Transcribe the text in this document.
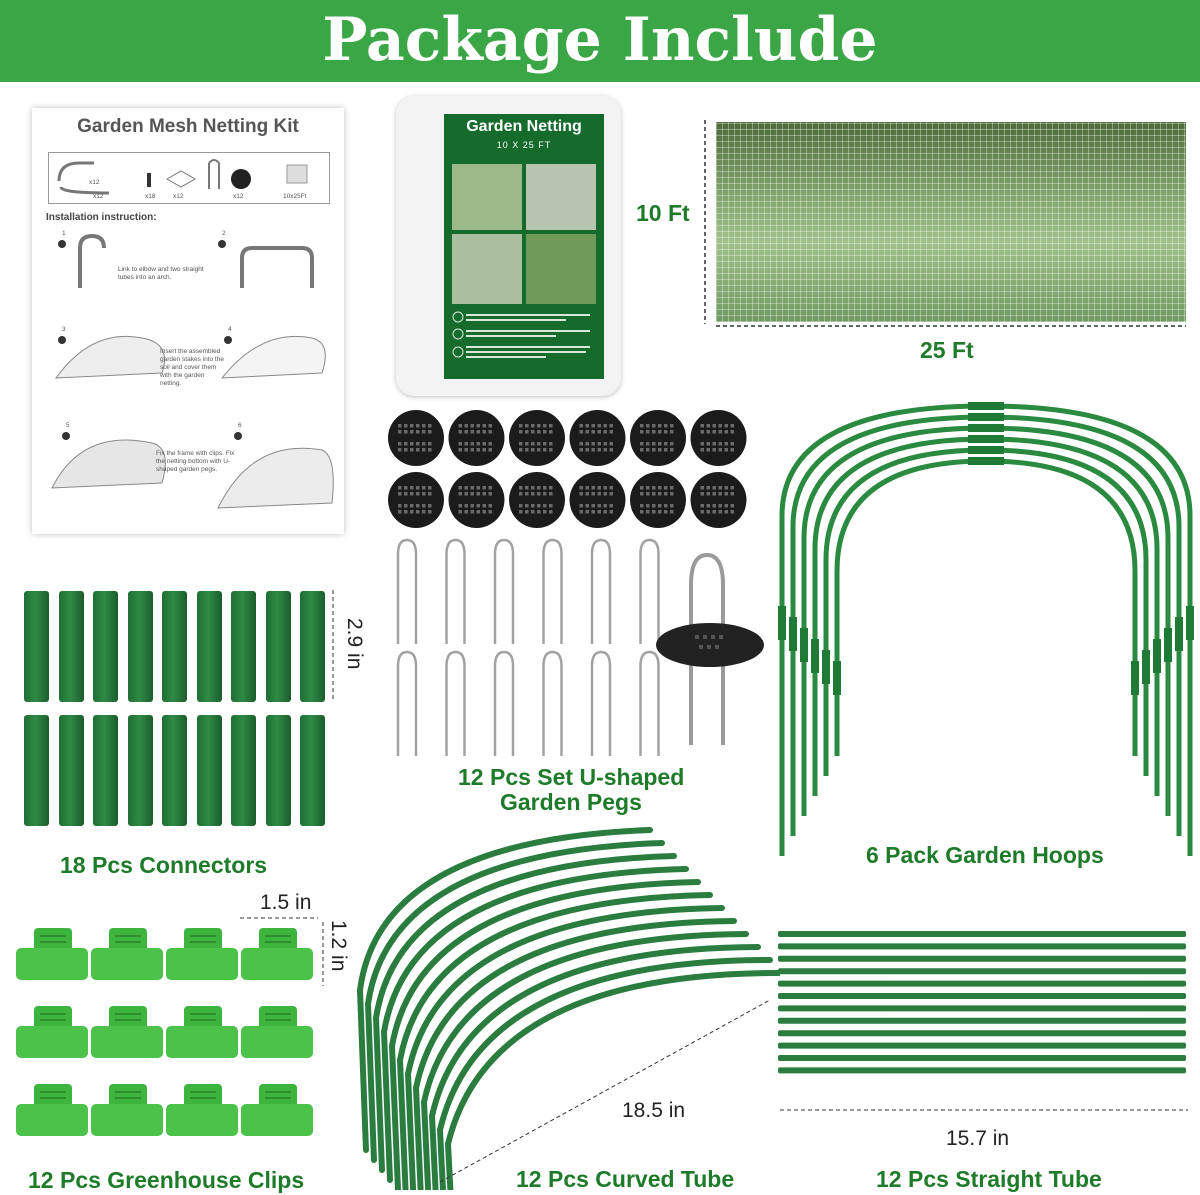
Package Include
Garden Mesh Netting Kit
x12
x12	x18	x12	x12	10x25Ft
Installation instruction:
1
Link to elbow and two straight tubes into an arch.
2
3
Insert the assembled garden stakes into the soil and cover them with the garden netting.
4
5
Fix the frame with clips. Fix the netting bottom with U-shaped garden pegs.
6
Garden Netting
10 X 25 FT
10 Ft
25 Ft
2.9 in
18 Pcs Connectors
12 Pcs Set U-shaped
Garden Pegs
6 Pack Garden Hoops
1.5 in
1.2 in
12 Pcs Greenhouse Clips
18.5 in
12 Pcs Curved Tube
15.7 in
12 Pcs Straight Tube
